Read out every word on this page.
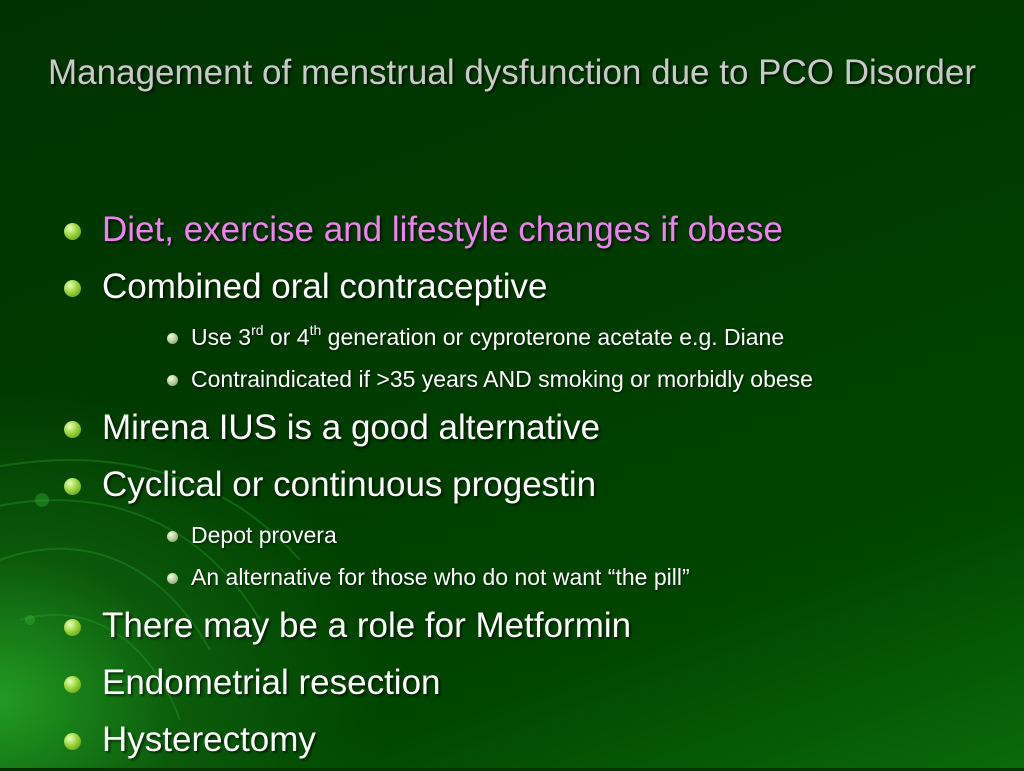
Management of menstrual dysfunction due to PCO Disorder
Diet, exercise and lifestyle changes if obese
Combined oral contraceptive
Use 3rd or 4th generation or cyproterone acetate e.g. Diane
Contraindicated if >35 years AND smoking or morbidly obese
Mirena IUS is a good alternative
Cyclical or continuous progestin
Depot provera
An alternative for those who do not want “the pill”
There may be a role for Metformin
Endometrial resection
Hysterectomy
